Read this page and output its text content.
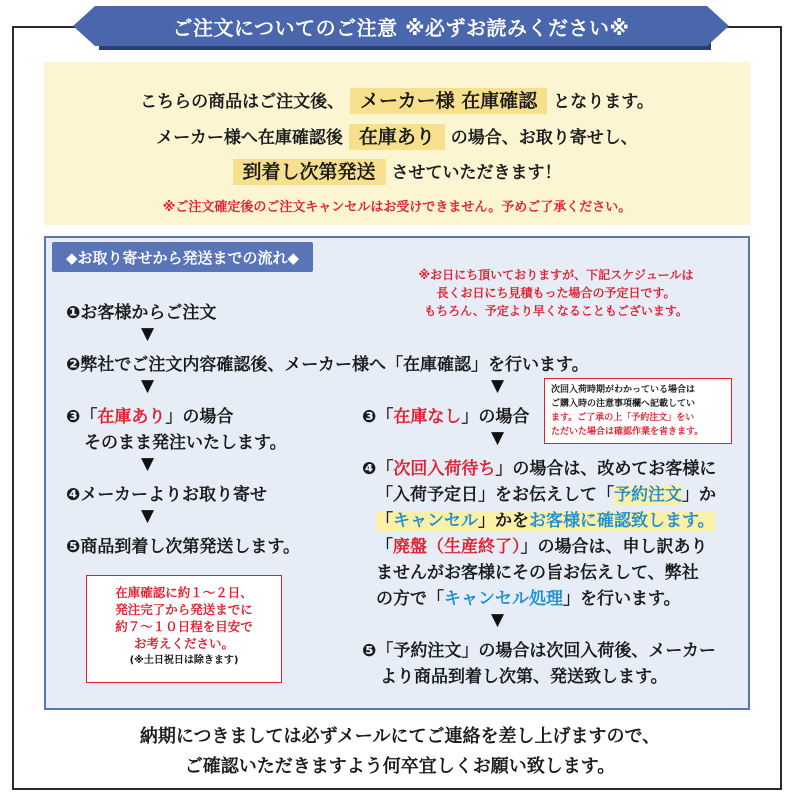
ご注文についてのご注意 ※必ずお読みください※
こちらの商品はご注文後、 メーカー様 在庫確認 となります。
メーカー様へ在庫確認後 在庫あり の場合、お取り寄せし、
到着し次第発送 させていただきます！
※ご注文確定後のご注文キャンセルはお受けできません。予めご了承ください。
◆お取り寄せから発送までの流れ◆
※お日にち頂いておりますが、下記スケジュールは
長くお日にち見積もった場合の予定日です。
もちろん、予定より早くなることもございます。
❶お客様からご注文
▼
❷弊社でご注文内容確認後、メーカー様へ「在庫確認」を行います。
▼	▼
❸「在庫あり」の場合
そのまま発注いたします。
▼
❹メーカーよりお取り寄せ
▼
❺商品到着し次第発送します。
❸「在庫なし」の場合
次回入荷時期がわかっている場合は
ご購入時の注意事項欄へ記載してい
ます。ご了承の上「予約注文」をい
ただいた場合は確認作業を省きます。
▼
❹「次回入荷待ち」の場合は、改めてお客様に
「入荷予定日」をお伝えして「予約注文」か
「キャンセル」かをお客様に確認致します。
「廃盤（生産終了）」の場合は、申し訳あり
ませんがお客様にその旨お伝えして、弊社
の方で「キャンセル処理」を行います。
▼
❺「予約注文」の場合は次回入荷後、メーカー
より商品到着し次第、発送致します。
在庫確認に約１～２日、
発注完了から発送までに
約７～１０日程を目安で
お考えください。
(※土日祝日は除きます)
納期につきましては必ずメールにてご連絡を差し上げますので、
ご確認いただきますよう何卒宜しくお願い致します。
